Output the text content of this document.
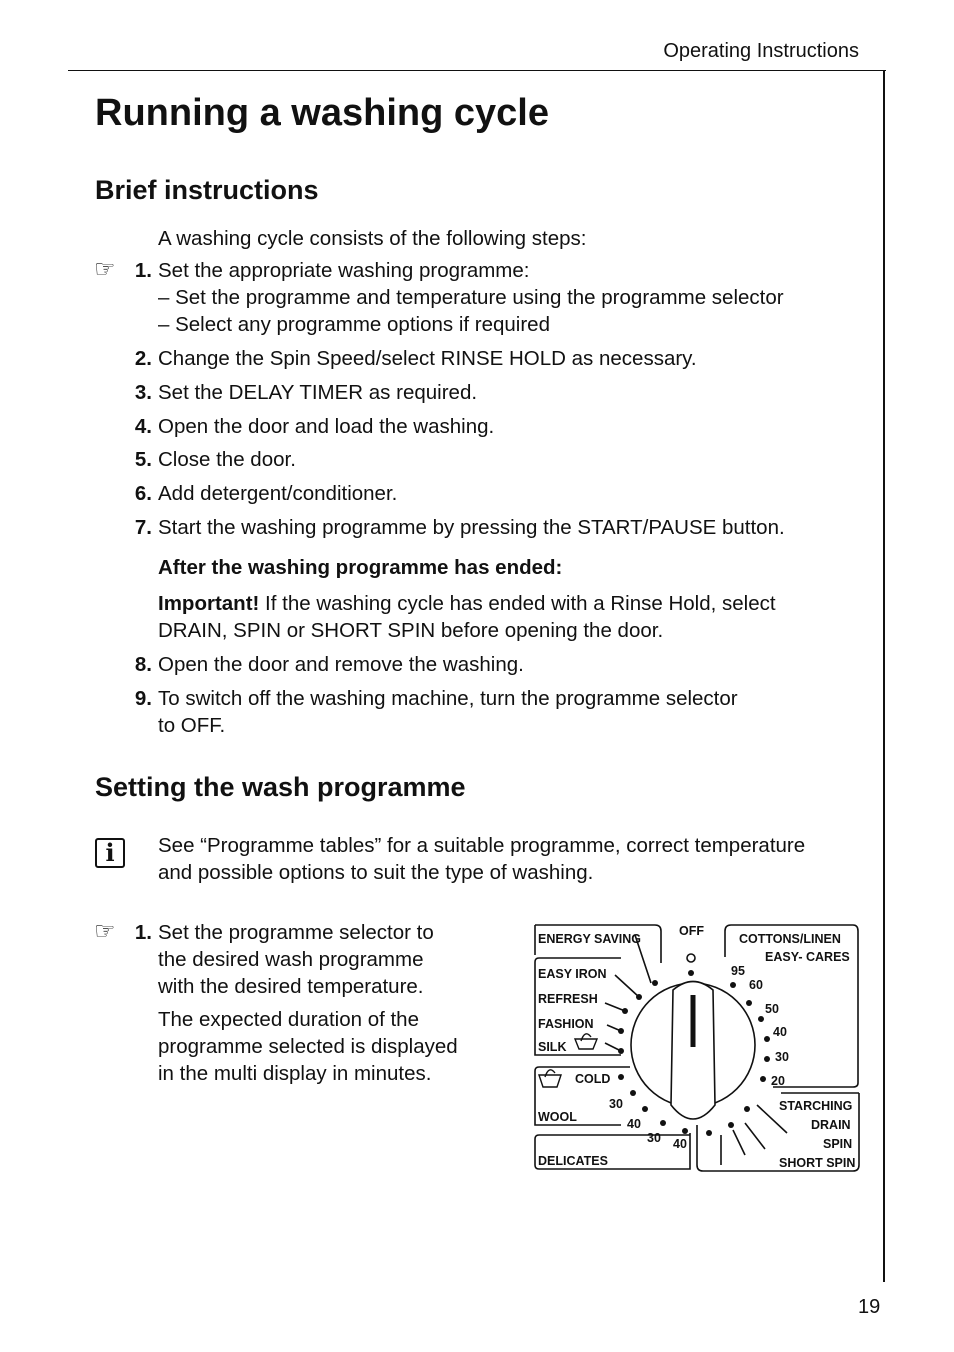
Operating Instructions
19
Running a washing cycle
Brief instructions
A washing cycle consists of the following steps:
☞ 1. Set the appropriate washing programme:
– Set the programme and temperature using the programme selector
– Select any programme options if required
2. Change the Spin Speed/select RINSE HOLD as necessary.
3. Set the DELAY TIMER as required.
4. Open the door and load the washing.
5. Close the door.
6. Add detergent/conditioner.
7. Start the washing programme by pressing the START/PAUSE button.
After the washing programme has ended:
Important! If the washing cycle has ended with a Rinse Hold, select
DRAIN, SPIN or SHORT SPIN before opening the door.
8. Open the door and remove the washing.
9. To switch off the washing machine, turn the programme selector
to OFF.
Setting the wash programme
i	See “Programme tables” for a suitable programme, correct temperature
and possible options to suit the type of washing.
☞ 1. Set the programme selector to
the desired wash programme
with the desired temperature.
The expected duration of the
programme selected is displayed
in the multi display in minutes.
OFF
ENERGY SAVING
EASY IRON
REFRESH
FASHION
SILK
COLD
WOOL
DELICATES
COTTONS/LINEN
EASY- CARES
STARCHING
DRAIN
SPIN
SHORT SPIN
95
60
50
40
30
20
30
40
30 40
